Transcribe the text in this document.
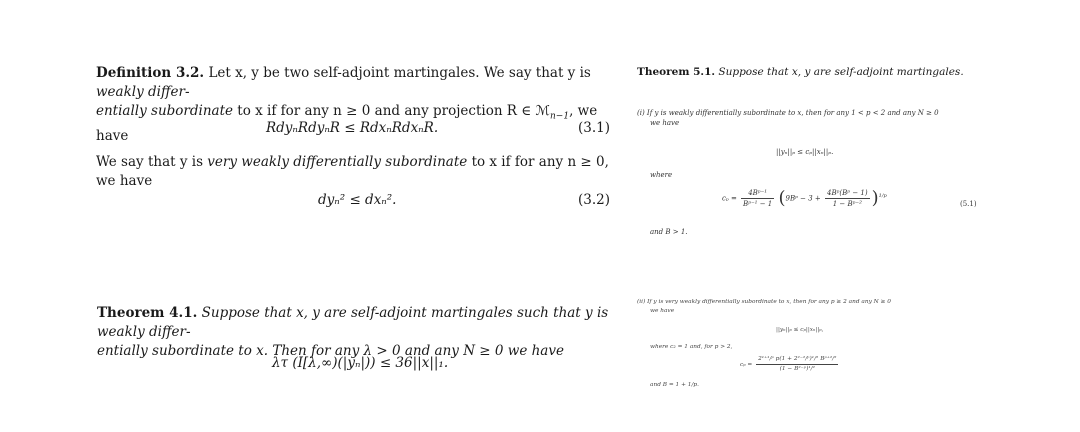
Definition 3.2. Let x, y be two self-adjoint martingales. We say that y is weakly differ-
entially subordinate to x if for any n ≥ 0 and any projection R ∈ ℳ$_{n-1}$, we have	RdyₙRdyₙR ≤ RdxₙRdxₙR.	(3.1)
We say that y is very weakly differentially subordinate to x if for any n ≥ 0, we have
dyₙ² ≤ dxₙ².	(3.2)
Theorem 4.1. Suppose that x, y are self-adjoint martingales such that y is weakly differ-
entially subordinate to x. Then for any λ > 0 and any N ≥ 0 we have
λτ (I[λ,∞)(|yₙ|)) ≤ 36||x||₁.
Theorem 5.1. Suppose that x, y are self-adjoint martingales.
(i) If y is weakly differentially subordinate to x, then for any 1 < p < 2 and any N ≥ 0
we have
||yₙ||ₚ ≤ cₚ||xₙ||ₚ.
where
$c_p = \frac{\text{4Bᵖ⁻¹}}{\text{Bᵖ⁻¹ − 1}}$ (9Bᵖ − $3 + \frac{\text{4Bᵖ(Bᵖ − 1)}}{\text{1 − Bᵖ⁻²}} )^{1/p}$
(5.1)
and B > 1.
(ii) If y is very weakly differentially subordinate to x, then for any p ≥ 2 and any N ≥ 0
we have
||yₙ||ₚ ≤ cₚ||xₙ||ₚ,
where c₂ = 1 and, for p > 2,
$c_p = \frac{\text{2¹⁺¹/ᵖ p(1 + 2²⁻²/ᵖ)¹/² Bᵖ⁺²/²}}{\text{(1 − B²⁻ᵖ)¹/²}}$
and B = 1 + 1/p.
